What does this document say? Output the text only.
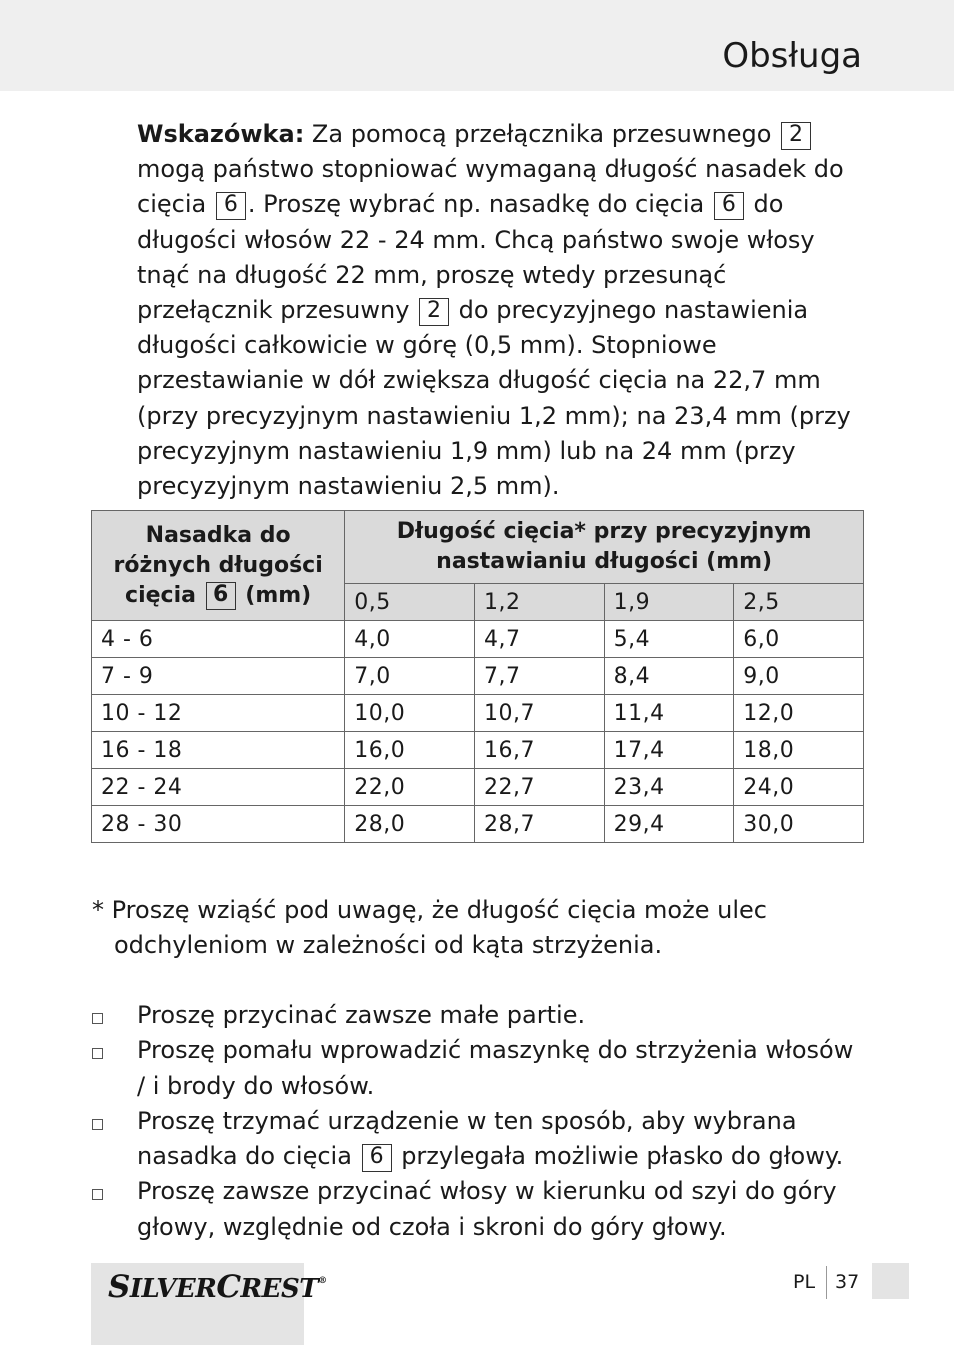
Obsługa

Wskazówka: Za pomocą przełącznika przesuwnego 2 mogą państwo stopniować wymaganą długość nasadek do cięcia 6 . Proszę wybrać np. nasadkę do cięcia 6 do długości włosów 22 - 24 mm. Chcą państwo swoje włosy tnąć na długość 22 mm, proszę wtedy przesunąć przełącznik przesuwny 2 do precyzyjnego nastawienia długości całkowicie w górę (0,5 mm). Stopniowe przestawianie w dół zwiększa długość cięcia na 22,7 mm (przy precyzyjnym nastawieniu 1,2 mm); na 23,4 mm (przy precyzyjnym nastawieniu 1,9 mm) lub na 24 mm (przy precyzyjnym nastawieniu 2,5 mm).

Nasadka do różnych długości cięcia 6 (mm)	Długość cięcia* przy precyzyjnym nastawianiu długości (mm)			
	0,5	1,2	1,9	2,5
4 - 6	4,0	4,7	5,4	6,0
7 - 9	7,0	7,7	8,4	9,0
10 - 12	10,0	10,7	11,4	12,0
16 - 18	16,0	16,7	17,4	18,0
22 - 24	22,0	22,7	23,4	24,0
28 - 30	28,0	28,7	29,4	30,0

* Proszę wziąść pod uwagę, że długość cięcia może ulec odchyleniom w zależności od kąta strzyżenia.

Proszę przycinać zawsze małe partie.
Proszę pomału wprowadzić maszynkę do strzyżenia włosów / i brody do włosów.
Proszę trzymać urządzenie w ten sposób, aby wybrana nasadka do cięcia 6 przylegała możliwie płasko do głowy.
Proszę zawsze przycinać włosy w kierunku od szyi do góry głowy, względnie od czoła i skroni do góry głowy.
SILVERCREST®	PL 37
